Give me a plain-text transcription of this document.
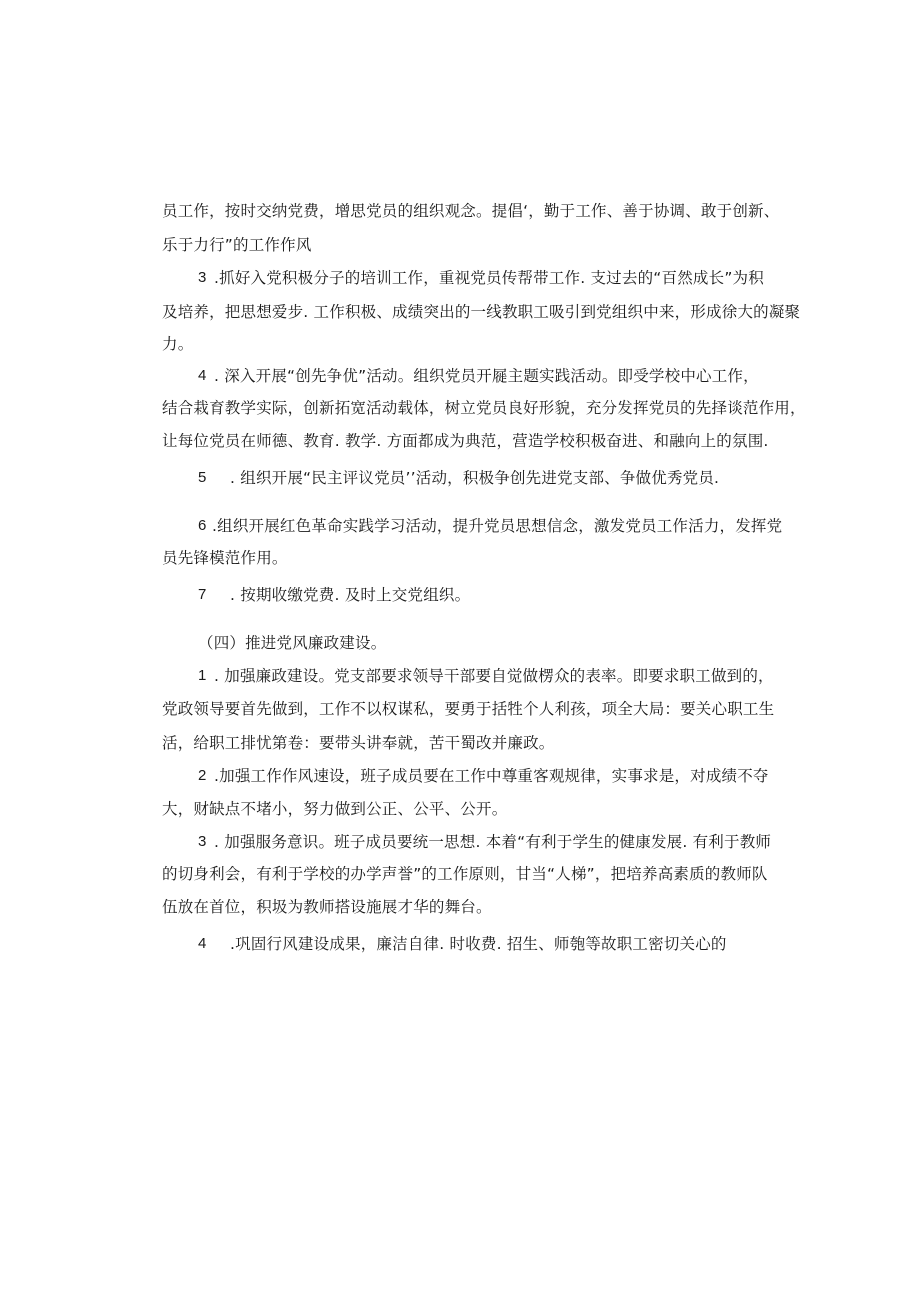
员工作，按时交纳党费，增思党员的组织观念。提倡‘，勤于工作、善于协调、敢于创新、
乐于力行”的工作作风
3 .抓好入党积极分子的培训工作，重视党员传帮带工作. 支过去的“百然成长”为积
及培养，把思想爱步. 工作积极、成绩突出的一线教职工吸引到党组织中来，形成徐大的凝聚
力。
4 . 深入开展“创先争优”活动。组织党员开屣主题实践活动。即受学校中心工作，
结合栽育教学实际，创新拓宽活动载体，树立党员良好形貌，充分发挥党员的先择谈范作用，
让每位党员在师德、教育. 教学. 方面都成为典范，营造学校积极奋进、和融向上的氛围.
5 . 组织开展“民主评议党员’’活动，积极争创先进党支部、争做优秀党员.
6 .组织开展红色革命实践学习活动，提升党员思想信念，激发党员工作活力，发挥党
员先锋模范作用。
7 . 按期收缴党费. 及时上交党组织。
（四）推进党风廉政建设。
1 . 加强廉政建设。党支部要求领导干部要自觉做楞众的表率。即要求职工做到的，
党政领导要首先做到，工作不以权谋私，要勇于括牲个人利孩，项全大局：要关心职工生
活，给职工排忧第卷：要带头讲奉就，苦干蜀改并廉政。
2 .加强工作作风速设，班子成员要在工作中尊重客观规律，实事求是，对成绩不夺
大，财缺点不堵小，努力做到公正、公平、公开。
3 . 加强服务意识。班子成员要统一思想. 本着“有利于学生的健康发展. 有利于教师
的切身利会，有利于学校的办学声誉”的工作原则，甘当“人梯”，把培养高素质的教师队
伍放在首位，积圾为教师搭设施展才华的舞台。
4 .巩固行风建设成果，廉洁自律. 时收费. 招生、师匏等故职工密切关心的
